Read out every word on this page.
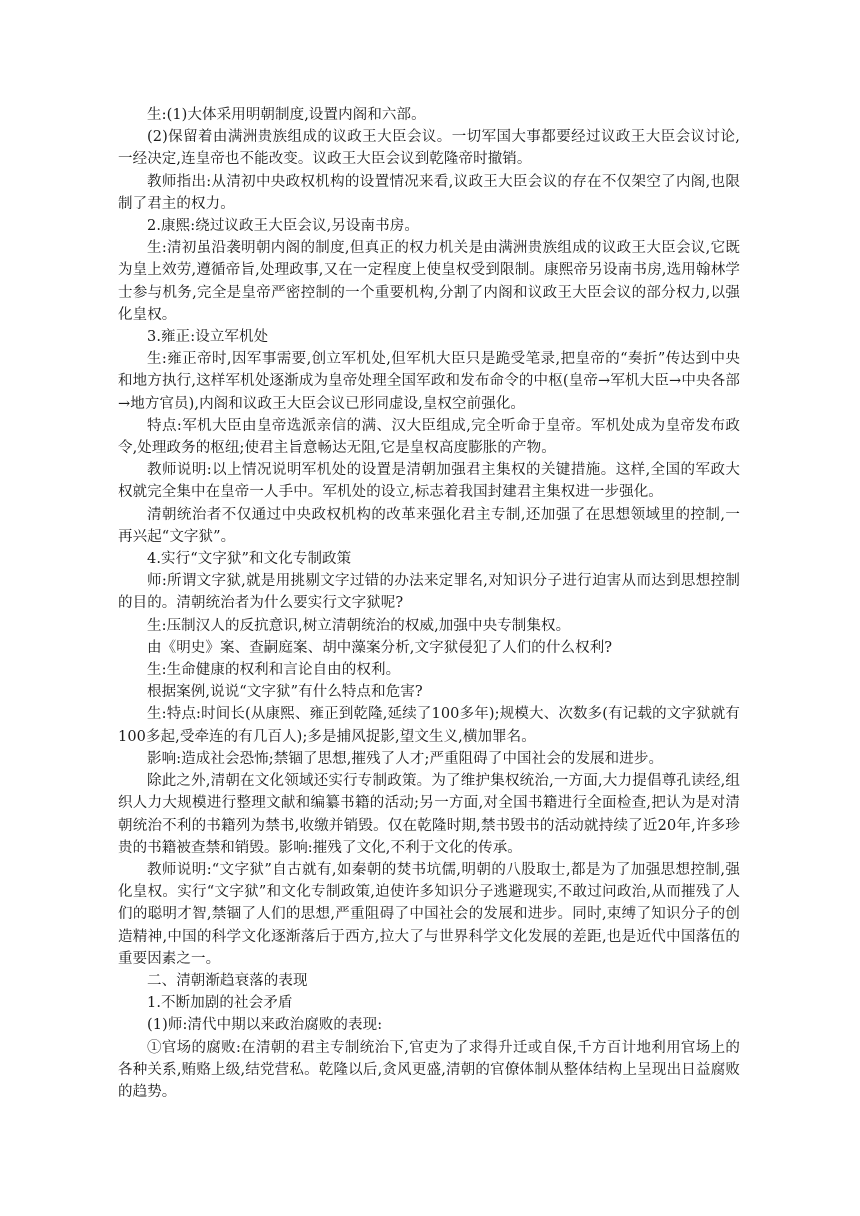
生:(1)大体采用明朝制度,设置内阁和六部。

(2)保留着由满洲贵族组成的议政王大臣会议。一切军国大事都要经过议政王大臣会议讨论,一经决定,连皇帝也不能改变。议政王大臣会议到乾隆帝时撤销。

教师指出:从清初中央政权机构的设置情况来看,议政王大臣会议的存在不仅架空了内阁,也限制了君主的权力。

2.康熙:绕过议政王大臣会议,另设南书房。

生:清初虽沿袭明朝内阁的制度,但真正的权力机关是由满洲贵族组成的议政王大臣会议,它既为皇上效劳,遵循帝旨,处理政事,又在一定程度上使皇权受到限制。康熙帝另设南书房,选用翰林学士参与机务,完全是皇帝严密控制的一个重要机构,分割了内阁和议政王大臣会议的部分权力,以强化皇权。

3.雍正:设立军机处

生:雍正帝时,因军事需要,创立军机处,但军机大臣只是跪受笔录,把皇帝的“奏折”传达到中央和地方执行,这样军机处逐渐成为皇帝处理全国军政和发布命令的中枢(皇帝→军机大臣→中央各部→地方官员),内阁和议政王大臣会议已形同虚设,皇权空前强化。

特点:军机大臣由皇帝选派亲信的满、汉大臣组成,完全听命于皇帝。军机处成为皇帝发布政令,处理政务的枢纽;使君主旨意畅达无阻,它是皇权高度膨胀的产物。

教师说明:以上情况说明军机处的设置是清朝加强君主集权的关键措施。这样,全国的军政大权就完全集中在皇帝一人手中。军机处的设立,标志着我国封建君主集权进一步强化。

清朝统治者不仅通过中央政权机构的改革来强化君主专制,还加强了在思想领域里的控制,一再兴起“文字狱”。

4.实行“文字狱”和文化专制政策

师:所谓文字狱,就是用挑剔文字过错的办法来定罪名,对知识分子进行迫害从而达到思想控制的目的。清朝统治者为什么要实行文字狱呢?

生:压制汉人的反抗意识,树立清朝统治的权威,加强中央专制集权。

由《明史》案、查嗣庭案、胡中藻案分析,文字狱侵犯了人们的什么权利?

生:生命健康的权利和言论自由的权利。

根据案例,说说“文字狱”有什么特点和危害?

生:特点:时间长(从康熙、雍正到乾隆,延续了100多年);规模大、次数多(有记载的文字狱就有100多起,受牵连的有几百人);多是捕风捉影,望文生义,横加罪名。

影响:造成社会恐怖;禁锢了思想,摧残了人才;严重阻碍了中国社会的发展和进步。

除此之外,清朝在文化领域还实行专制政策。为了维护集权统治,一方面,大力提倡尊孔读经,组织人力大规模进行整理文献和编纂书籍的活动;另一方面,对全国书籍进行全面检查,把认为是对清朝统治不利的书籍列为禁书,收缴并销毁。仅在乾隆时期,禁书毁书的活动就持续了近20年,许多珍贵的书籍被查禁和销毁。影响:摧残了文化,不利于文化的传承。

教师说明:“文字狱”自古就有,如秦朝的焚书坑儒,明朝的八股取士,都是为了加强思想控制,强化皇权。实行“文字狱”和文化专制政策,迫使许多知识分子逃避现实,不敢过问政治,从而摧残了人们的聪明才智,禁锢了人们的思想,严重阻碍了中国社会的发展和进步。同时,束缚了知识分子的创造精神,中国的科学文化逐渐落后于西方,拉大了与世界科学文化发展的差距,也是近代中国落伍的重要因素之一。

二、清朝渐趋衰落的表现

1.不断加剧的社会矛盾

(1)师:清代中期以来政治腐败的表现:

①官场的腐败:在清朝的君主专制统治下,官吏为了求得升迁或自保,千方百计地利用官场上的各种关系,贿赂上级,结党营私。乾隆以后,贪风更盛,清朝的官僚体制从整体结构上呈现出日益腐败的趋势。
